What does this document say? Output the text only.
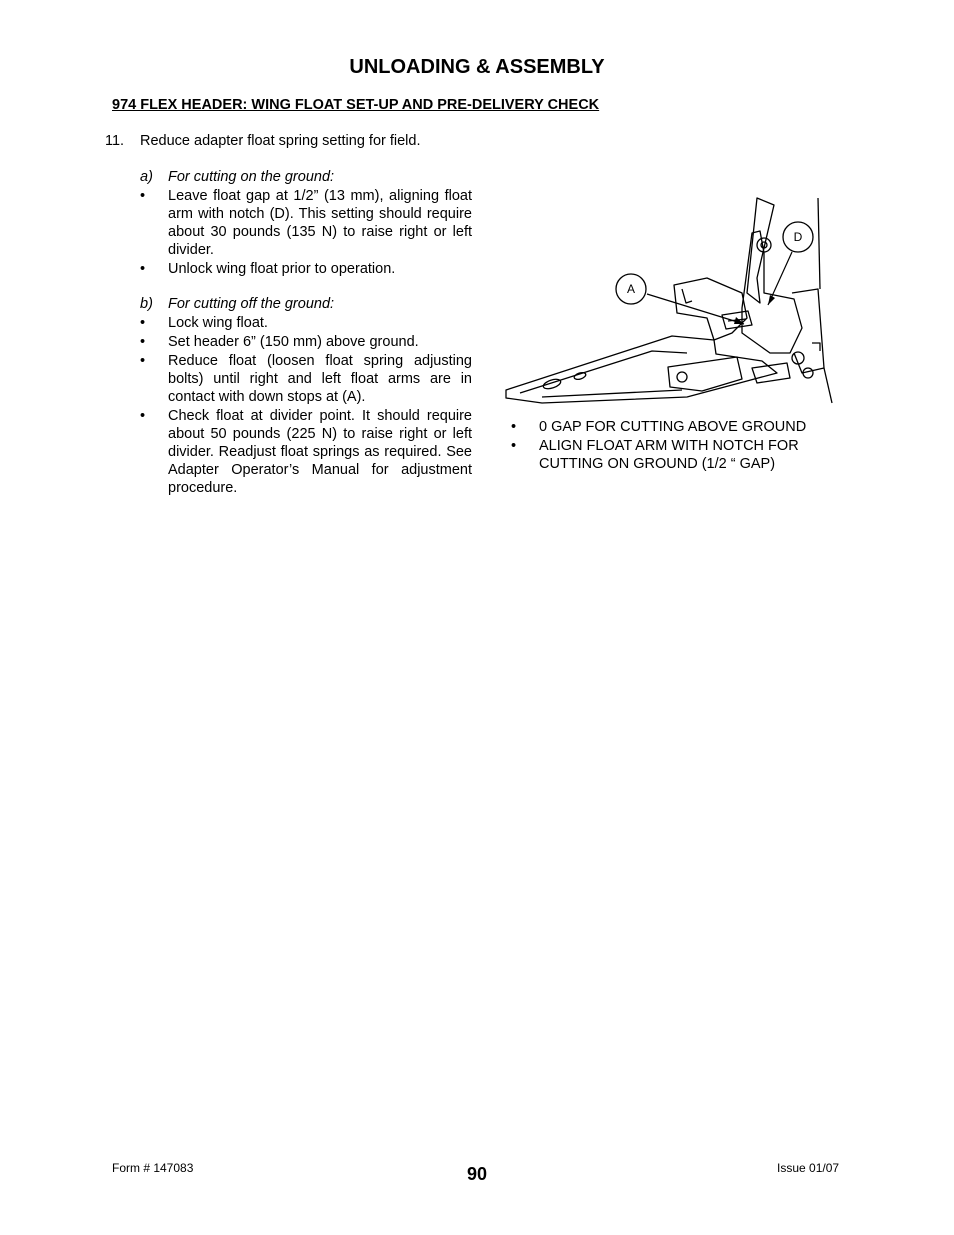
UNLOADING & ASSEMBLY
974 FLEX HEADER: WING FLOAT SET-UP AND PRE-DELIVERY CHECK
11. Reduce adapter float spring setting for field.
a) For cutting on the ground:
• Leave float gap at 1/2” (13 mm), aligning float arm with notch (D). This setting should require about 30 pounds (135 N) to raise right or left divider.
• Unlock wing float prior to operation.
b) For cutting off the ground:
• Lock wing float.
• Set header 6” (150 mm) above ground.
• Reduce float (loosen float spring adjusting bolts) until right and left float arms are in contact with down stops at (A).
• Check float at divider point. It should require about 50 pounds (225 N) to raise right or left divider. Readjust float springs as required. See Adapter Operator’s Manual for adjustment procedure.
A
D
• 0 GAP FOR CUTTING ABOVE GROUND
• ALIGN FLOAT ARM WITH NOTCH FOR CUTTING ON GROUND (1/2 “ GAP)
Form # 147083	90	Issue 01/07
